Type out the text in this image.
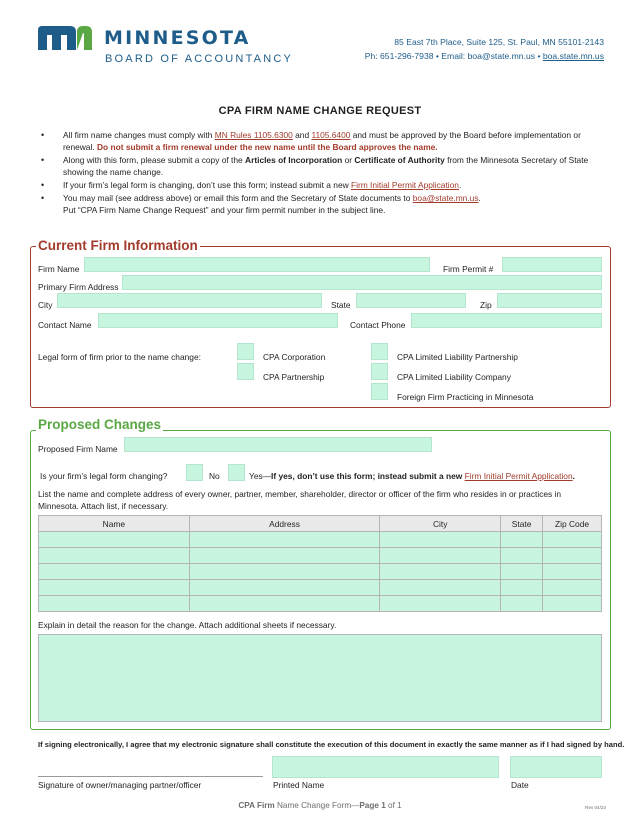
MINNESOTA
BOARD OF ACCOUNTANCY
85 East 7th Place, Suite 125, St. Paul, MN 55101-2143
Ph: 651-296-7938 • Email: boa@state.mn.us • boa.state.mn.us
CPA FIRM NAME CHANGE REQUEST
• All firm name changes must comply with MN Rules 1105.6300 and 1105.6400 and must be approved by the Board before implementation or renewal. Do not submit a firm renewal under the new name until the Board approves the name.
• Along with this form, please submit a copy of the Articles of Incorporation or Certificate of Authority from the Minnesota Secretary of State showing the name change.
• If your firm’s legal form is changing, don’t use this form; instead submit a new Firm Initial Permit Application.
• You may mail (see address above) or email this form and the Secretary of State documents to boa@state.mn.us.
Put “CPA Firm Name Change Request” and your firm permit number in the subject line.
Current Firm Information
Firm Name	Firm Permit #
Primary Firm Address
City	State	Zip
Contact Name	Contact Phone
Legal form of firm prior to the name change:	CPA Corporation
CPA Partnership
CPA Limited Liability Partnership
CPA Limited Liability Company
Foreign Firm Practicing in Minnesota
Proposed Changes
Proposed Firm Name
Is your firm’s legal form changing?	No	Yes—If yes, don’t use this form; instead submit a new Firm Initial Permit Application.
List the name and complete address of every owner, partner, member, shareholder, director or officer of the firm who resides in or practices in Minnesota. Attach list, if necessary.
Name	Address	City	State	Zip Code

Explain in detail the reason for the change. Attach additional sheets if necessary.
If signing electronically, I agree that my electronic signature shall constitute the execution of this document in exactly the same manner as if I had signed by hand.
Signature of owner/managing partner/officer	Printed Name	Date
CPA Firm Name Change Form—Page 1 of 1	Rev 04/23
